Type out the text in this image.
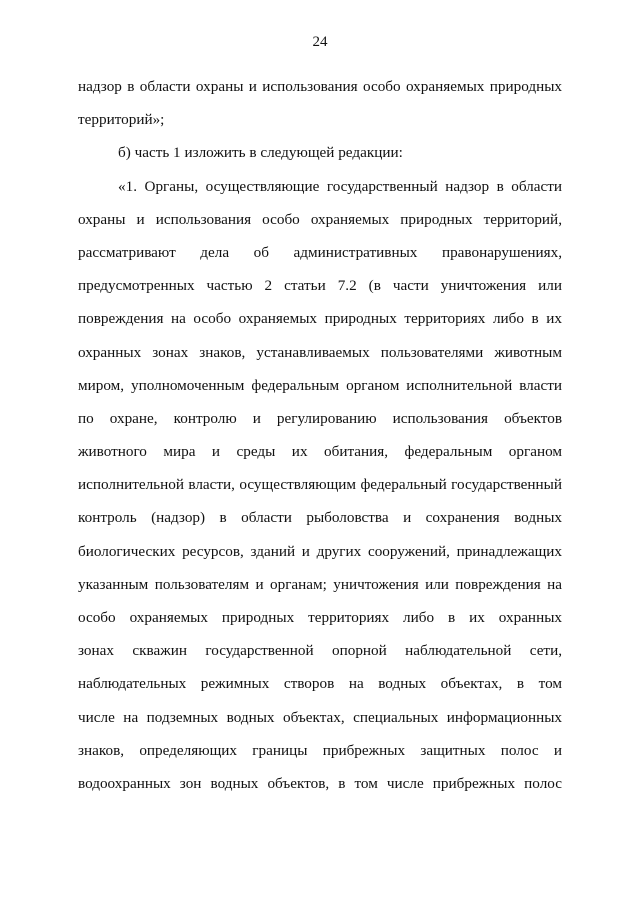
24
надзор в области охраны и использования особо охраняемых природных
территорий»;
б) часть 1 изложить в следующей редакции:
«1. Органы, осуществляющие государственный надзор в области
охраны и использования особо охраняемых природных территорий,
рассматривают дела об административных правонарушениях,
предусмотренных частью 2 статьи 7.2 (в части уничтожения или
повреждения на особо охраняемых природных территориях либо в их
охранных зонах знаков, устанавливаемых пользователями животным
миром, уполномоченным федеральным органом исполнительной власти
по охране, контролю и регулированию использования объектов
животного мира и среды их обитания, федеральным органом
исполнительной власти, осуществляющим федеральный государственный
контроль (надзор) в области рыболовства и сохранения водных
биологических ресурсов, зданий и других сооружений, принадлежащих
указанным пользователям и органам; уничтожения или повреждения на
особо охраняемых природных территориях либо в их охранных
зонах скважин государственной опорной наблюдательной сети,
наблюдательных режимных створов на водных объектах, в том
числе на подземных водных объектах, специальных информационных
знаков, определяющих границы прибрежных защитных полос и
водоохранных зон водных объектов, в том числе прибрежных полос
